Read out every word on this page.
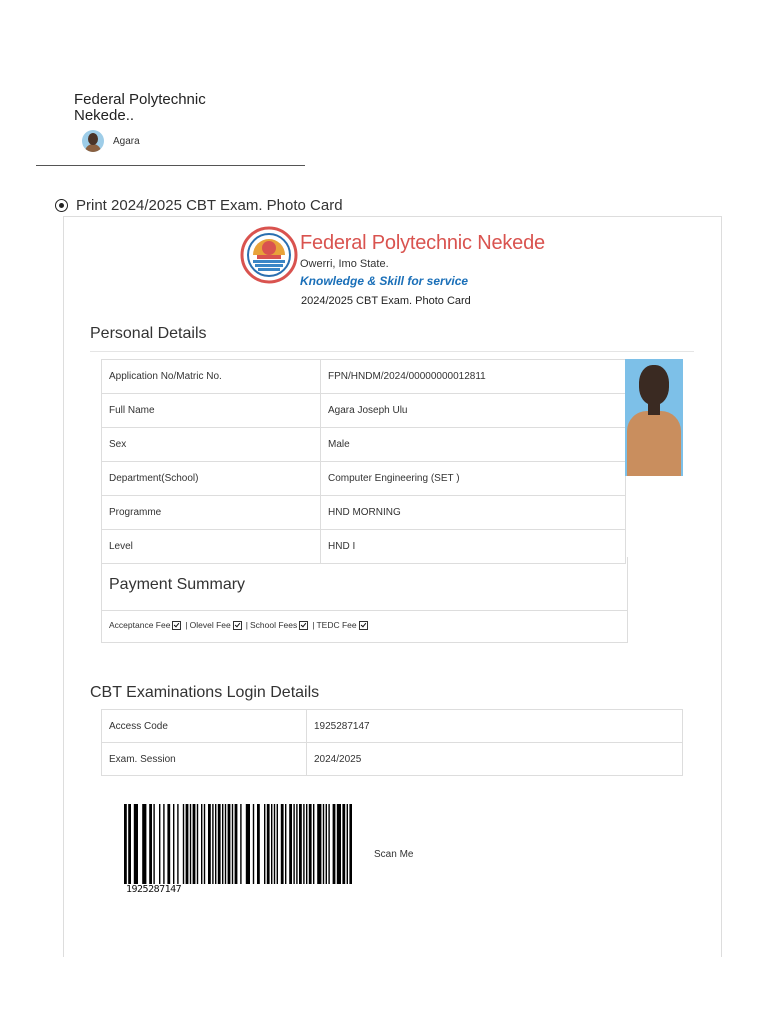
Federal Polytechnic Nekede..
Agara
Print 2024/2025 CBT Exam. Photo Card
Federal Polytechnic Nekede
Owerri, Imo State.
Knowledge & Skill for service
2024/2025 CBT Exam. Photo Card
Personal Details
Application No/Matric No.	FPN/HNDM/2024/00000000012811
Full Name	Agara Joseph Ulu
Sex	Male
Department(School)	Computer Engineering (SET )
Programme	HND MORNING
Level	HND I
Payment Summary
Acceptance Fee | Olevel Fee | School Fees | TEDC Fee
CBT Examinations Login Details
Access Code	1925287147
Exam. Session	2024/2025
1925287147
Scan Me
